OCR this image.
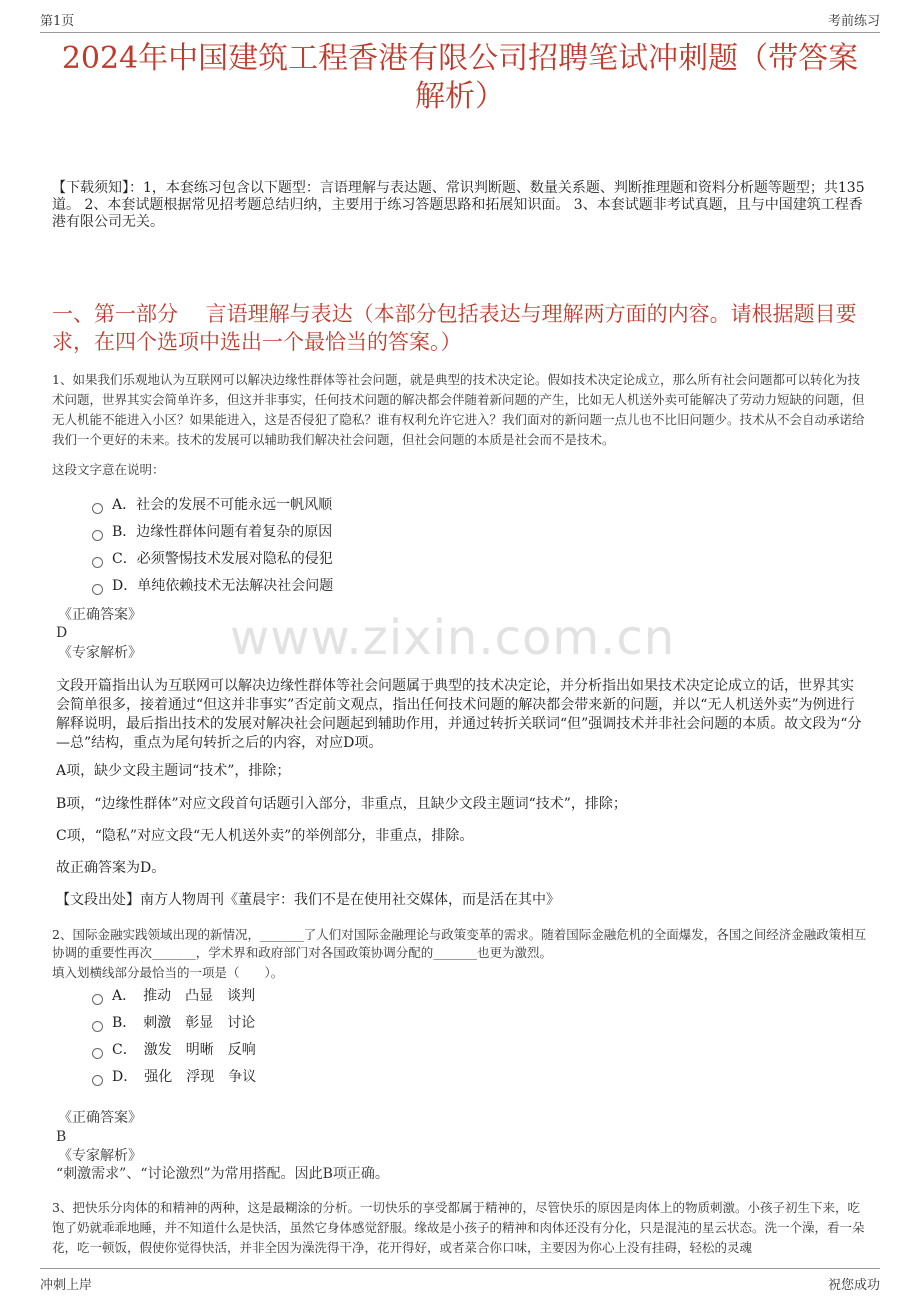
第1页	考前练习
2024年中国建筑工程香港有限公司招聘笔试冲刺题（带答案解析）
【下载须知】：1，本套练习包含以下题型：言语理解与表达题、常识判断题、数量关系题、判断推理题和资料分析题等题型；共135道。 2、本套试题根据常见招考题总结归纳，主要用于练习答题思路和拓展知识面。 3、本套试题非考试真题，且与中国建筑工程香港有限公司无关。
一、第一部分　 言语理解与表达（本部分包括表达与理解两方面的内容。请根据题目要求，在四个选项中选出一个最恰当的答案。）
1、如果我们乐观地认为互联网可以解决边缘性群体等社会问题，就是典型的技术决定论。假如技术决定论成立，那么所有社会问题都可以转化为技术问题，世界其实会简单许多，但这并非事实，任何技术问题的解决都会伴随着新问题的产生，比如无人机送外卖可能解决了劳动力短缺的问题，但无人机能不能进入小区？如果能进入，这是否侵犯了隐私？谁有权利允许它进入？我们面对的新问题一点儿也不比旧问题少。技术从不会自动承诺给我们一个更好的未来。技术的发展可以辅助我们解决社会问题，但社会问题的本质是社会而不是技术。
这段文字意在说明：
A．社会的发展不可能永远一帆风顺
B．边缘性群体问题有着复杂的原因
C．必须警惕技术发展对隐私的侵犯
D．单纯依赖技术无法解决社会问题
《正确答案》
D
《专家解析》 www.zixin.com.cn
文段开篇指出认为互联网可以解决边缘性群体等社会问题属于典型的技术决定论，并分析指出如果技术决定论成立的话，世界其实会简单很多，接着通过“但这并非事实”否定前文观点，指出任何技术问题的解决都会带来新的问题，并以“无人机送外卖”为例进行解释说明，最后指出技术的发展对解决社会问题起到辅助作用，并通过转折关联词“但”强调技术并非社会问题的本质。故文段为“分—总”结构，重点为尾句转折之后的内容，对应D项。
A项，缺少文段主题词“技术”，排除；
B项，“边缘性群体”对应文段首句话题引入部分，非重点，且缺少文段主题词“技术”，排除；
C项，“隐私”对应文段“无人机送外卖”的举例部分，非重点，排除。
故正确答案为D。
【文段出处】南方人物周刊《董晨宇：我们不是在使用社交媒体，而是活在其中》
2、国际金融实践领域出现的新情况，_______了人们对国际金融理论与政策变革的需求。随着国际金融危机的全面爆发，各国之间经济金融政策相互协调的重要性再次_______，学术界和政府部门对各国政策协调分配的_______也更为激烈。
填入划横线部分最恰当的一项是（　　）。
A．　推动　凸显　谈判
B．　刺激　彰显　讨论
C．　激发　明晰　反响
D．　强化　浮现　争议
《正确答案》
B
《专家解析》
“刺激需求”、“讨论激烈”为常用搭配。因此B项正确。
3、把快乐分肉体的和精神的两种，这是最糊涂的分析。一切快乐的享受都属于精神的，尽管快乐的原因是肉体上的物质刺激。小孩子初生下来，吃饱了奶就乖乖地睡，并不知道什么是快活，虽然它身体感觉舒服。缘故是小孩子的精神和肉体还没有分化，只是混沌的星云状态。洗一个澡，看一朵花，吃一顿饭，假使你觉得快活，并非全因为澡洗得干净，花开得好，或者菜合你口味，主要因为你心上没有挂碍，轻松的灵魂
冲刺上岸	祝您成功
